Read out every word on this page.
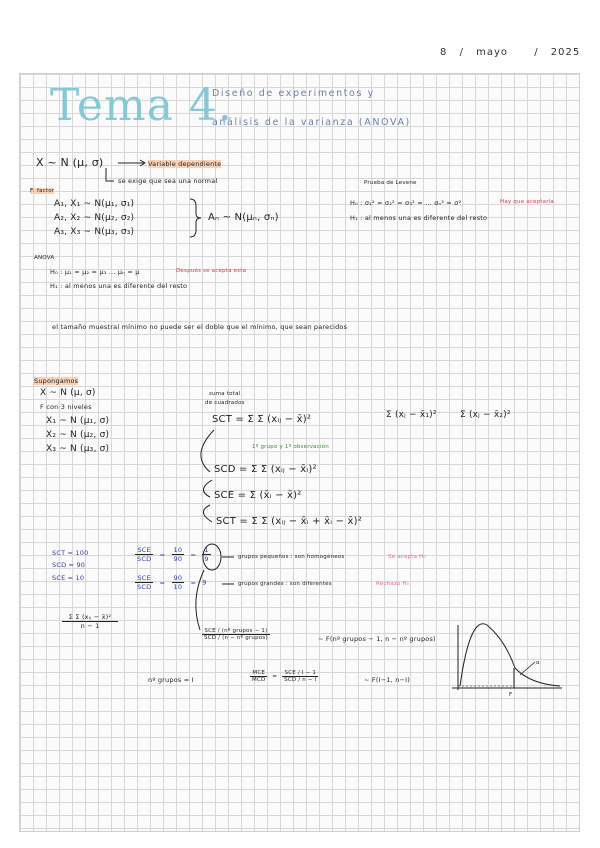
8 / mayo	/ 2025
Tema 4.
Diseño de experimentos y
análisis de la varianza (ANOVA)
X ~ N (μ, σ)	Variable dependiente
se exige que sea una normal
F: factor
A₁, X₁ ~ N(μ₁, σ₁)
A₂, X₂ ~ N(μ₂, σ₂)
A₃, X₃ ~ N(μ₃, σ₃)
Aₙ ~ N(μₙ, σₙ)
Prueba de Levene
H₀ : σ₁² = σ₂² = σ₃² = ... σₙ² = σ²	Hay que aceptarla
H₁ : al menos una es diferente del resto
ANOVA
H₀ : μ₁ = μ₂ = μ₃ ... μₙ = μ	Después se acepta esta
H₁ : al menos una es diferente del resto
el tamaño muestral mínimo no puede ser el doble que el mínimo, que sean parecidos
Supongamos
X ~ N (μ, σ)
F con 3 niveles
X₁ ~ N (μ₁, σ)
X₂ ~ N (μ₂, σ)
X₃ ~ N (μ₃, σ)
suma total
de cuadrados
SCT = Σ Σ (xᵢⱼ − x̄)²
1º grupo y 1º observación
SCD = Σ Σ (xᵢⱼ − x̄ᵢ)²
SCE = Σ (x̄ᵢ − x̄)²
SCT = Σ Σ (xᵢⱼ − x̄ᵢ + x̄ᵢ − x̄)²
Σ (xⱼ − x̄₁)²	Σ (xⱼ − x̄₂)²
SCT = 100
SCD = 90
SCE = 10
$\frac{\text{SCE}}{\text{SCD}} = \frac{10}{90} = \frac{1}{9}$	grupos pequeños : son homogéneos	Se acepta H₀
$\frac{\text{SCE}}{\text{SCD}} = \frac{90}{10} = 9$	grupos grandes : son diferentes	Rechazo H₀
$\frac{\text{Σ Σ (xᵢⱼ − x̄)²}}{n - 1}$
$\frac{\text{SCE / (nº grupos − 1)}}{\text{SCD / (n − nº grupos)}}$	~ F(nº grupos − 1, n − nº grupos)
nº grupos = I	$\frac{\text{MCE}}{\text{MCD}} = \frac{\text{SCE / I − 1}}{\text{SCD / n − I}}$	~ F(I−1, n−I)
α
F
